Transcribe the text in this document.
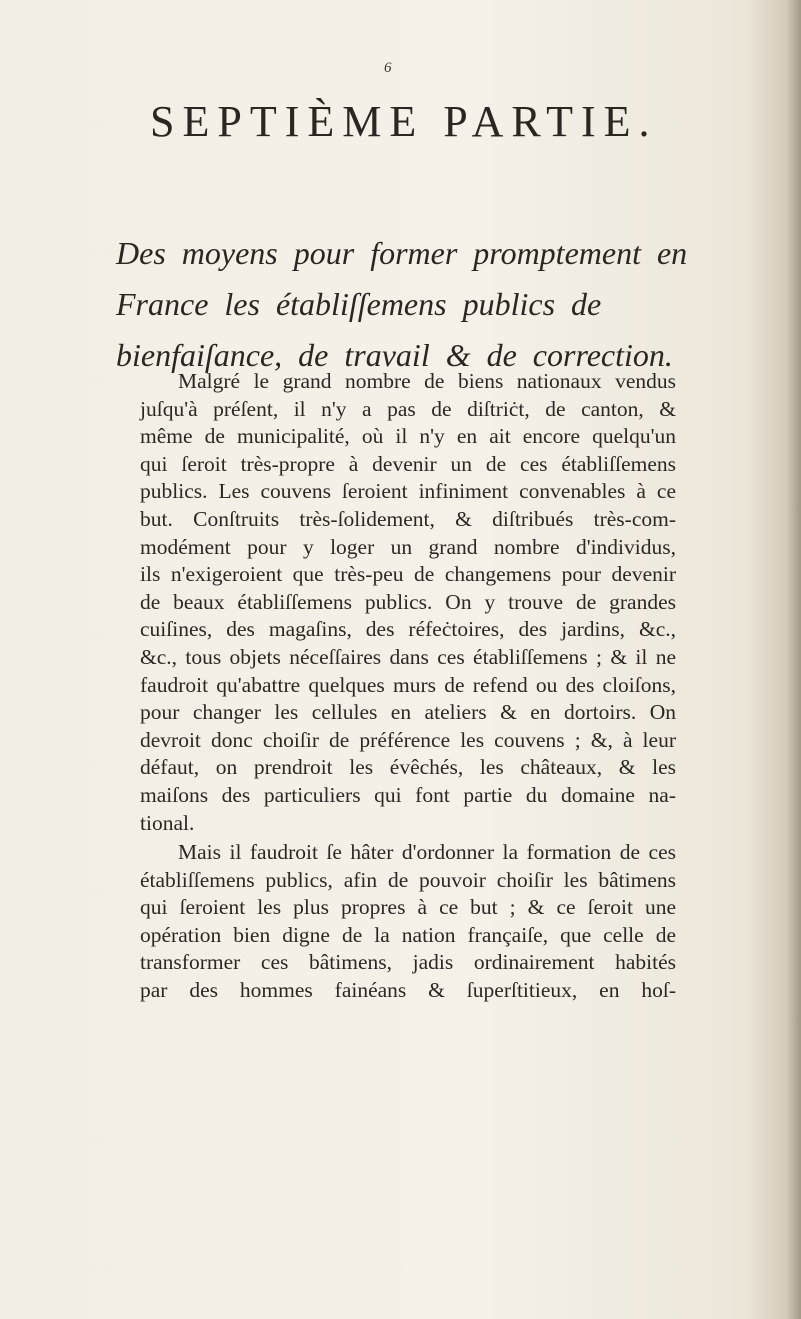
6
SEPTIÈME PARTIE.
Des moyens pour former promptement en
France les établiſſemens publics de
bienfaiſance, de travail & de correction.
Malgré le grand nombre de biens nationaux vendus
juſqu'à préſent, il n'y a pas de diſtriċt, de canton, &
même de municipalité, où il n'y en ait encore quelqu'un
qui ſeroit très-propre à devenir un de ces établiſſemens
publics. Les couvens ſeroient infiniment convenables à ce
but. Conſtruits très-ſolidement, & diſtribués très-com-
modément pour y loger un grand nombre d'individus,
ils n'exigeroient que très-peu de changemens pour devenir
de beaux établiſſemens publics. On y trouve de grandes
cuiſines, des magaſins, des réfeċtoires, des jardins, &c.,
&c., tous objets néceſſaires dans ces établiſſemens ; & il ne
faudroit qu'abattre quelques murs de refend ou des cloiſons,
pour changer les cellules en ateliers & en dortoirs. On
devroit donc choiſir de préférence les couvens ; &, à leur
défaut, on prendroit les évêchés, les châteaux, & les
maiſons des particuliers qui font partie du domaine na-
tional.
Mais il faudroit ſe hâter d'ordonner la formation de ces
établiſſemens publics, afin de pouvoir choiſir les bâtimens
qui ſeroient les plus propres à ce but ; & ce ſeroit une
opération bien digne de la nation françaiſe, que celle de
transformer ces bâtimens, jadis ordinairement habités
par des hommes fainéans & ſuperſtitieux, en hoſ-
